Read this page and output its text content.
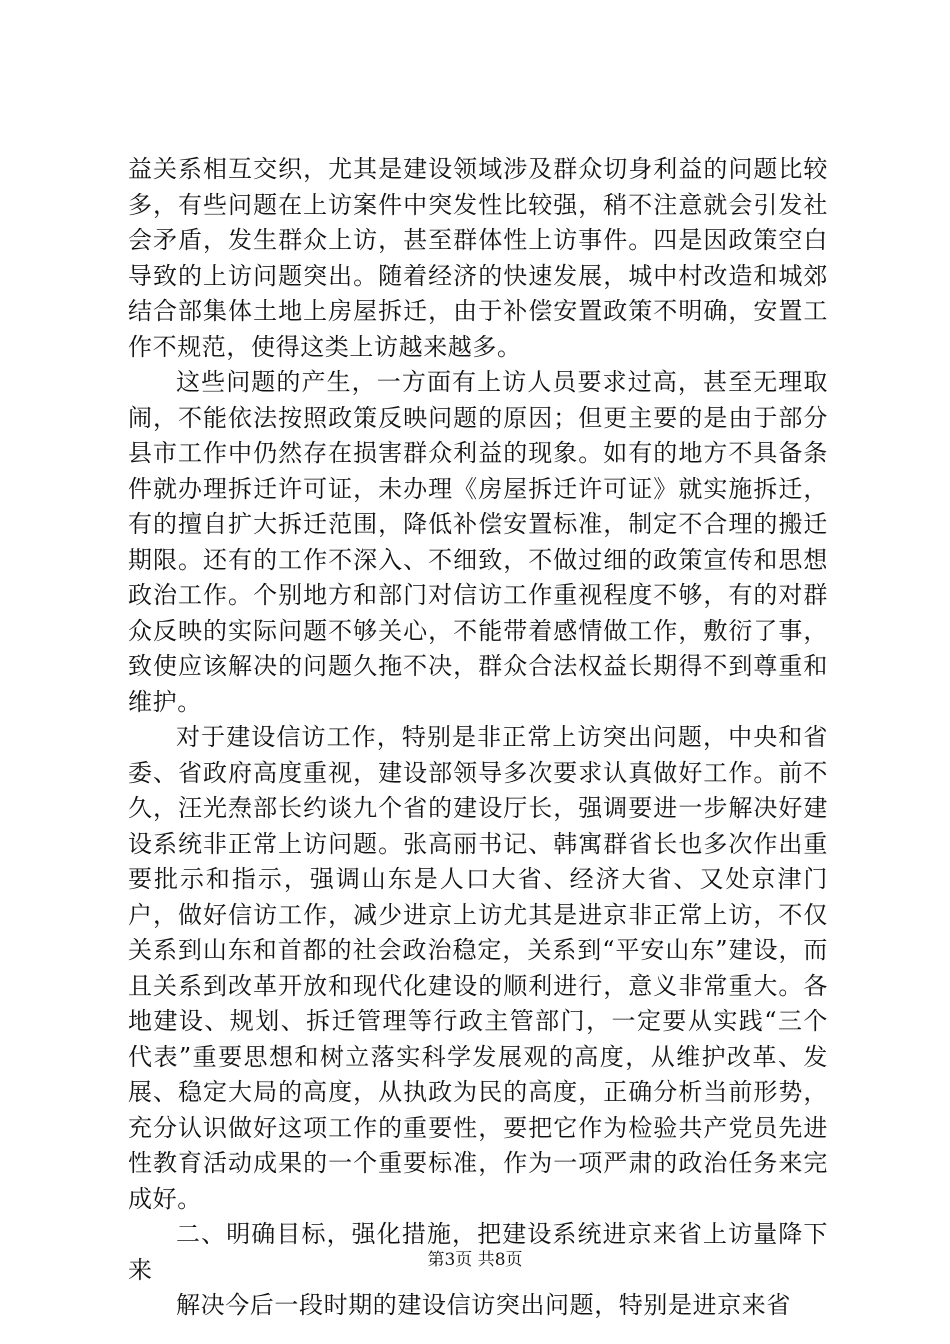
益关系相互交织，尤其是建设领域涉及群众切身利益的问题比较多，有些问题在上访案件中突发性比较强，稍不注意就会引发社会矛盾，发生群众上访，甚至群体性上访事件。四是因政策空白导致的上访问题突出。随着经济的快速发展，城中村改造和城郊结合部集体土地上房屋拆迁，由于补偿安置政策不明确，安置工作不规范，使得这类上访越来越多。

这些问题的产生，一方面有上访人员要求过高，甚至无理取闹，不能依法按照政策反映问题的原因；但更主要的是由于部分县市工作中仍然存在损害群众利益的现象。如有的地方不具备条件就办理拆迁许可证，未办理《房屋拆迁许可证》就实施拆迁，有的擅自扩大拆迁范围，降低补偿安置标准，制定不合理的搬迁期限。还有的工作不深入、不细致，不做过细的政策宣传和思想政治工作。个别地方和部门对信访工作重视程度不够，有的对群众反映的实际问题不够关心，不能带着感情做工作，敷衍了事，致使应该解决的问题久拖不决，群众合法权益长期得不到尊重和维护。

对于建设信访工作，特别是非正常上访突出问题，中央和省委、省政府高度重视，建设部领导多次要求认真做好工作。前不久，汪光焘部长约谈九个省的建设厅长，强调要进一步解决好建设系统非正常上访问题。张高丽书记、韩寓群省长也多次作出重要批示和指示，强调山东是人口大省、经济大省、又处京津门户，做好信访工作，减少进京上访尤其是进京非正常上访，不仅关系到山东和首都的社会政治稳定，关系到“平安山东”建设，而且关系到改革开放和现代化建设的顺利进行，意义非常重大。各地建设、规划、拆迁管理等行政主管部门，一定要从实践“三个代表”重要思想和树立落实科学发展观的高度，从维护改革、发展、稳定大局的高度，从执政为民的高度，正确分析当前形势，充分认识做好这项工作的重要性，要把它作为检验共产党员先进性教育活动成果的一个重要标准，作为一项严肃的政治任务来完成好。

二、明确目标，强化措施，把建设系统进京来省上访量降下来

解决今后一段时期的建设信访突出问题，特别是进京来省

第3页 共8页
